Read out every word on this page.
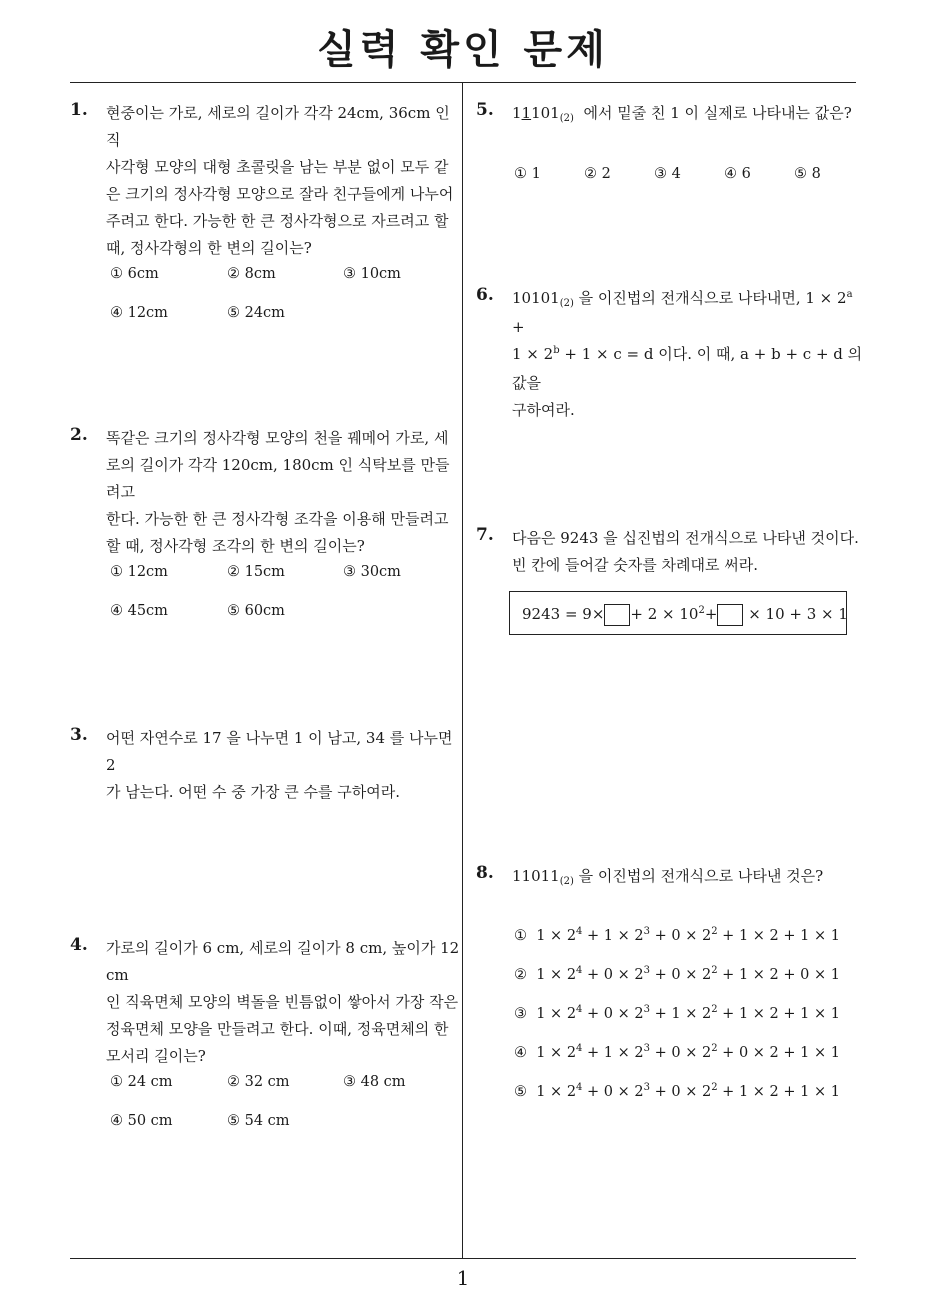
실력 확인 문제
1
1. 현중이는 가로, 세로의 길이가 각각 24cm, 36cm 인 직
사각형 모양의 대형 초콜릿을 남는 부분 없이 모두 같
은 크기의 정사각형 모양으로 잘라 친구들에게 나누어
주려고 한다. 가능한 한 큰 정사각형으로 자르려고 할
때, 정사각형의 한 변의 길이는?
① 6cm	② 8cm	③ 10cm
④ 12cm	⑤ 24cm
2. 똑같은 크기의 정사각형 모양의 천을 꿰메어 가로, 세
로의 길이가 각각 120cm, 180cm 인 식탁보를 만들려고
한다. 가능한 한 큰 정사각형 조각을 이용해 만들려고
할 때, 정사각형 조각의 한 변의 길이는?
① 12cm	② 15cm	③ 30cm
④ 45cm	⑤ 60cm
3. 어떤 자연수로 17 을 나누면 1 이 남고, 34 를 나누면 2
가 남는다. 어떤 수 중 가장 큰 수를 구하여라.
4. 가로의 길이가 6 cm, 세로의 길이가 8 cm, 높이가 12 cm
인 직육면체 모양의 벽돌을 빈틈없이 쌓아서 가장 작은
정육면체 모양을 만들려고 한다. 이때, 정육면체의 한
모서리 길이는?
① 24 cm	② 32 cm	③ 48 cm
④ 50 cm	⑤ 54 cm
5. $11101_{(2)}$ 에서 밑줄 친 1 이 실제로 나타내는 값은?
① 1	② 2	③ 4	④ 6	⑤ 8
6. $10101_{(2)}$ 을 이진법의 전개식으로 나타내면, $1 \times 2^a$ +
$1 \times 2^b + 1 \times c = d$ 이다. 이 때, a + b + c + d 의 값을
구하여라.
7. 다음은 9243 을 십진법의 전개식으로 나타낸 것이다.
빈 칸에 들어갈 숫자를 차례대로 써라.
$9243 = 9\times + 2 \times 10^2+ \times 10 + 3 \times 1$
8. $11011_{(2)}$ 을 이진법의 전개식으로 나타낸 것은?
① $1 \times 2^4 + 1 \times 2^3 + 0 \times 2^2 + 1 \times 2 + 1 \times 1$
② $1 \times 2^4 + 0 \times 2^3 + 0 \times 2^2 + 1 \times 2 + 0 \times 1$
③ $1 \times 2^4 + 0 \times 2^3 + 1 \times 2^2 + 1 \times 2 + 1 \times 1$
④ $1 \times 2^4 + 1 \times 2^3 + 0 \times 2^2 + 0 \times 2 + 1 \times 1$
⑤ $1 \times 2^4 + 0 \times 2^3 + 0 \times 2^2 + 1 \times 2 + 1 \times 1$
